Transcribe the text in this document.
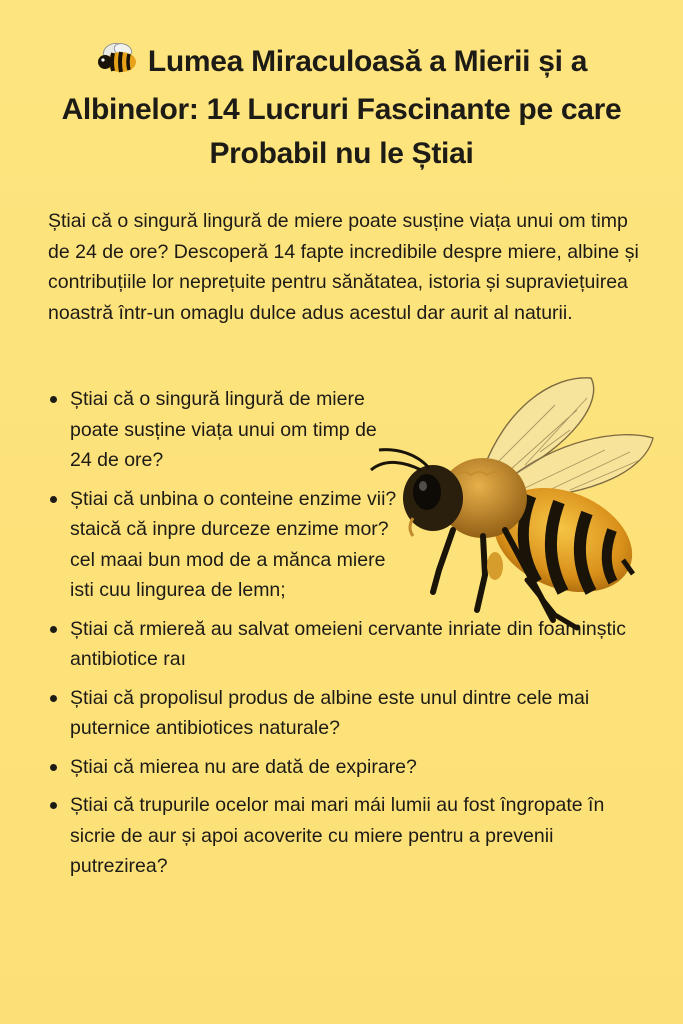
Lumea Miraculoasă a Mierii și a Albinelor: 14 Lucruri Fascinante pe care Probabil nu le Știai

Știai că o singură lingură de miere poate susține viața unui om timp de 24 de ore? Descoperă 14 fapte incredibile despre miere, albine și contribuțiile lor neprețuite pentru sănătatea, istoria și supraviețuirea noastră într-un omaglu dulce adus acestul dar aurit al naturii.

Știai că o singură lingură de miere poate susține viața unui om timp de 24 de ore?
Știai că unbina o conteine enzime vii? staică că inpre durceze enzime mor? cel maai bun mod de a mănca miere isti cuu lingurea de lemn;
Știai că rmiereă au salvat omeieni cervante inriate din foaminștic antibiotice raı
Știai că propolisul produs de albine este unul dintre cele mai puternice antibiotices naturale?
Știai că mierea nu are dată de expirare?
Știai că trupurile ocelor mai mari mái lumii au fost îngropate în sicrie de aur și apoi acoverite cu miere pentru a prevenii putrezirea?
